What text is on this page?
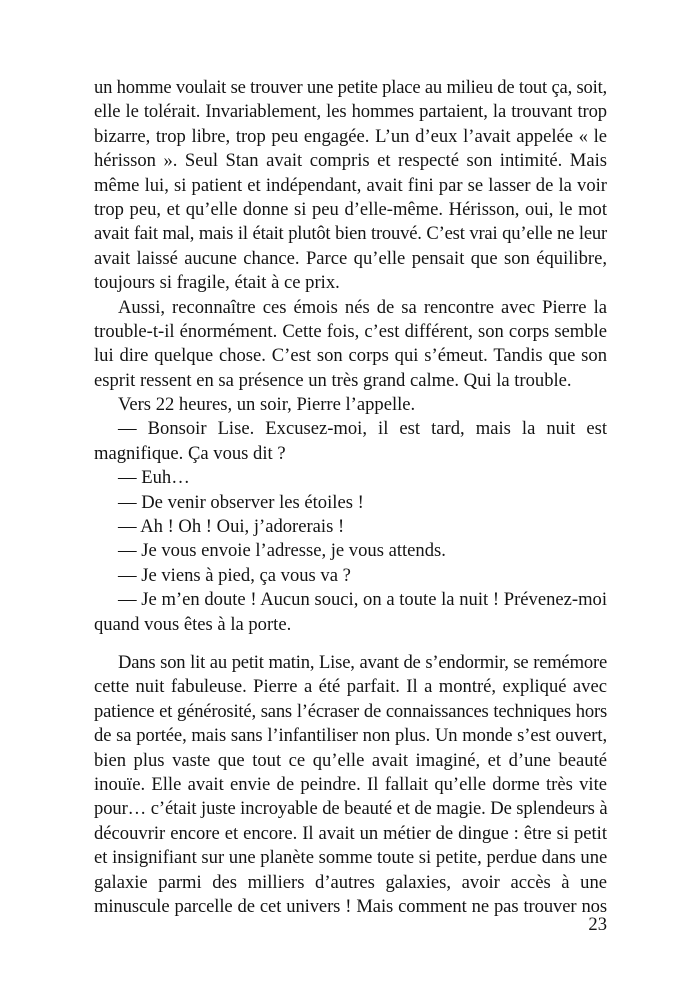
un homme voulait se trouver une petite place au milieu de tout ça, soit,
elle le tolérait. Invariablement, les hommes partaient, la trouvant trop
bizarre, trop libre, trop peu engagée. L’un d’eux l’avait appelée « le
hérisson ». Seul Stan avait compris et respecté son intimité. Mais
même lui, si patient et indépendant, avait fini par se lasser de la voir
trop peu, et qu’elle donne si peu d’elle-même. Hérisson, oui, le mot
avait fait mal, mais il était plutôt bien trouvé. C’est vrai qu’elle ne leur
avait laissé aucune chance. Parce qu’elle pensait que son équilibre,
toujours si fragile, était à ce prix.
Aussi, reconnaître ces émois nés de sa rencontre avec Pierre la
trouble-t-il énormément. Cette fois, c’est différent, son corps semble
lui dire quelque chose. C’est son corps qui s’émeut. Tandis que son
esprit ressent en sa présence un très grand calme. Qui la trouble.
Vers 22 heures, un soir, Pierre l’appelle.
— Bonsoir Lise. Excusez-moi, il est tard, mais la nuit est
magnifique. Ça vous dit ?
— Euh…
— De venir observer les étoiles !
— Ah ! Oh ! Oui, j’adorerais !
— Je vous envoie l’adresse, je vous attends.
— Je viens à pied, ça vous va ?
— Je m’en doute ! Aucun souci, on a toute la nuit ! Prévenez-moi
quand vous êtes à la porte.
Dans son lit au petit matin, Lise, avant de s’endormir, se remémore
cette nuit fabuleuse. Pierre a été parfait. Il a montré, expliqué avec
patience et générosité, sans l’écraser de connaissances techniques hors
de sa portée, mais sans l’infantiliser non plus. Un monde s’est ouvert,
bien plus vaste que tout ce qu’elle avait imaginé, et d’une beauté
inouïe. Elle avait envie de peindre. Il fallait qu’elle dorme très vite
pour… c’était juste incroyable de beauté et de magie. De splendeurs à
découvrir encore et encore. Il avait un métier de dingue : être si petit
et insignifiant sur une planète somme toute si petite, perdue dans une
galaxie parmi des milliers d’autres galaxies, avoir accès à une
minuscule parcelle de cet univers ! Mais comment ne pas trouver nos
23
